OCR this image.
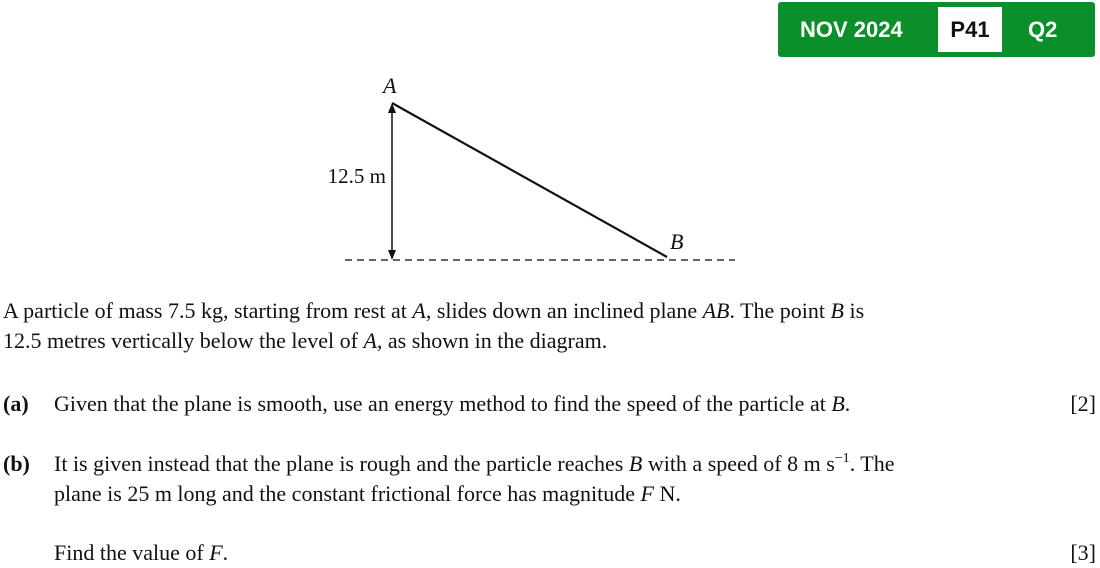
NOV 2024	P41	Q2
A
B
12.5 m
A particle of mass 7.5 kg, starting from rest at A, slides down an inclined plane AB. The point B is
12.5 metres vertically below the level of A, as shown in the diagram.
(a) Given that the plane is smooth, use an energy method to find the speed of the particle at B.	[2]
(b) It is given instead that the plane is rough and the particle reaches B with a speed of 8 m $s^{-1}$. The
plane is 25 m long and the constant frictional force has magnitude F N.
Find the value of F.	[3]
